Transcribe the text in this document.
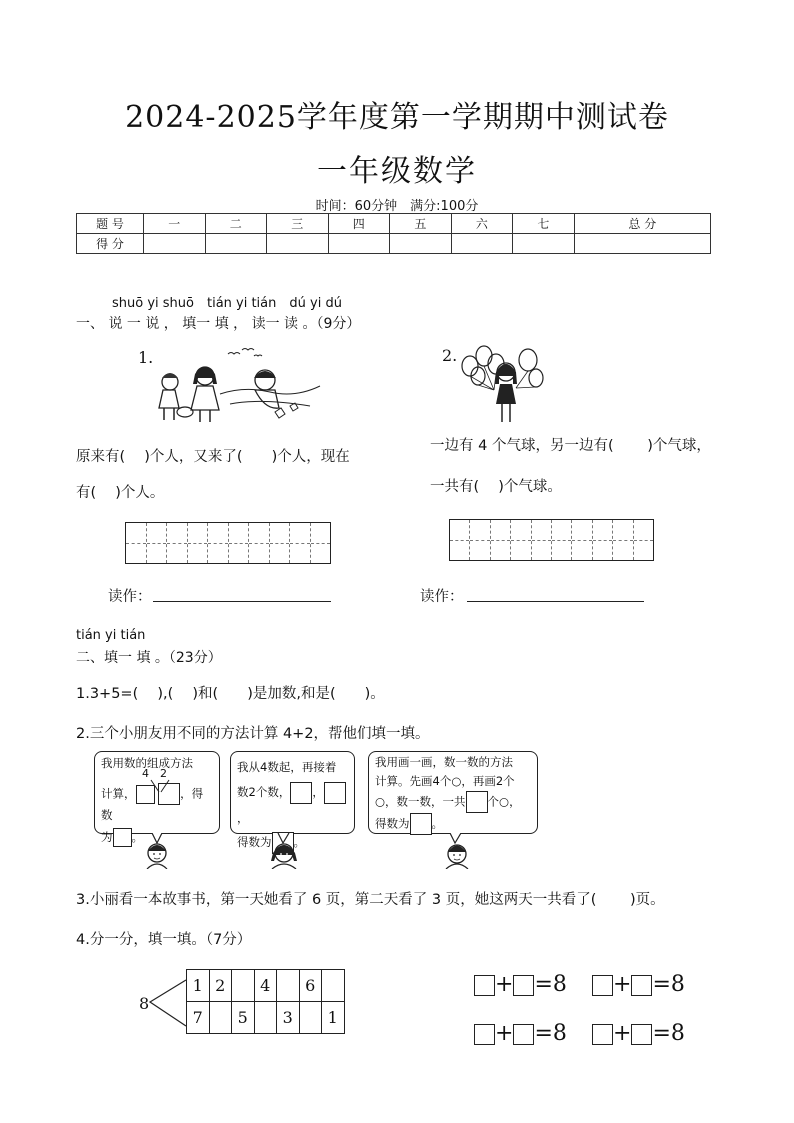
2024-2025学年度第一学期期中测试卷
一年级数学
时间：60分钟　满分:100分
题 号	一	二	三	四	五	六	七	总 分
得 分								
shuō yi shuō　tián yi tián　dú yi dú
一、 说 一 说 ， 填一 填 ， 读一 读 。（9分）
1.	2.
原来有(　 )个人，又来了(　　)个人，现在
有(　 )个人。
一边有 4 个气球，另一边有(　　 )个气球，
一共有(　 )个气球。
读作：	读作：
tián yi tián
二、填一 填 。（23分）
1.3+5=(　 ),(　 )和(　　)是加数,和是(　　)。
2.三个小朋友用不同的方法计算 4+2，帮他们填一填。
我用数的组成方法
4　2
计算，	，得数
为 。
我从4数起，再接着
数2个数， ，，
得数为 。
我用画一画，数一数的方法
计算。先画4个○，再画2个
○，数一数，一共 个○，
得数为 。
3.小丽看一本故事书，第一天她看了 6 页，第二天看了 3 页，她这两天一共看了(　　 )页。
4.分一分，填一填。（7分）
8
1	2		4		6	
7		5		3		1
+ =8	+ =8
+ =8	+ =8
